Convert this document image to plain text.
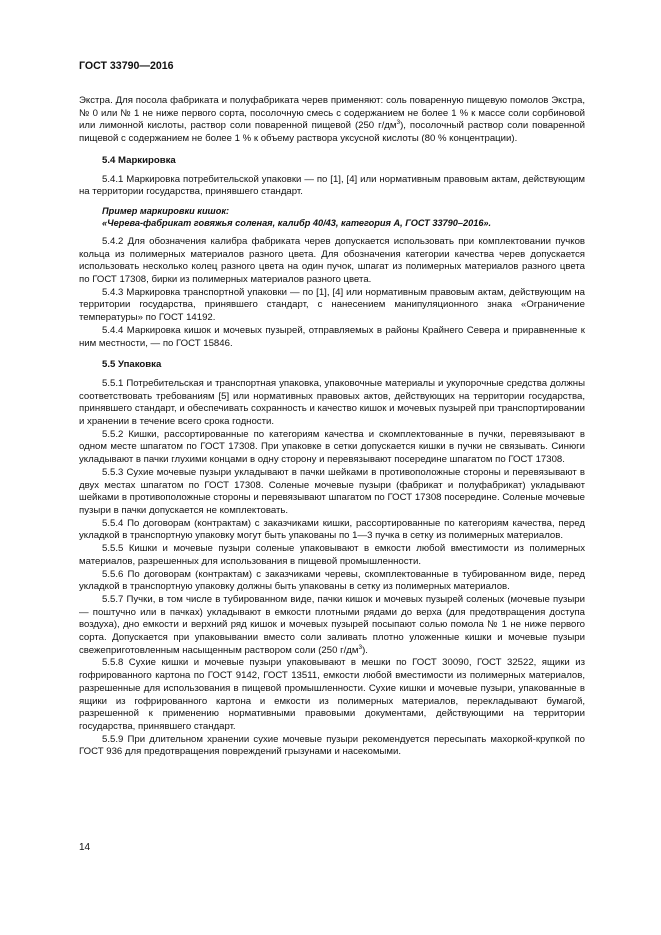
ГОСТ 33790—2016

Экстра. Для посола фабриката и полуфабриката черев применяют: соль поваренную пищевую помолов Экстра, № 0 или № 1 не ниже первого сорта, посолочную смесь с содержанием не более 1 % к массе соли сорбиновой или лимонной кислоты, раствор соли поваренной пищевой (250 $г/дм^3$), посолочный раствор соли поваренной пищевой с содержанием не более 1 % к объему раствора уксусной кислоты (80 % концентрации).

5.4 Маркировка

5.4.1 Маркировка потребительской упаковки — по [1], [4] или нормативным правовым актам, действующим на территории государства, принявшего стандарт.

Пример маркировки кишок:
«Черева-фабрикат говяжья соленая, калибр 40/43, категория А, ГОСТ 33790–2016».

5.4.2 Для обозначения калибра фабриката черев допускается использовать при комплектовании пучков кольца из полимерных материалов разного цвета. Для обозначения категории качества черев допускается использовать несколько колец разного цвета на один пучок, шпагат из полимерных материалов разного цвета по ГОСТ 17308, бирки из полимерных материалов разного цвета.

5.4.3 Маркировка транспортной упаковки — по [1], [4] или нормативным правовым актам, действующим на территории государства, принявшего стандарт, с нанесением манипуляционного знака «Ограничение температуры» по ГОСТ 14192.

5.4.4 Маркировка кишок и мочевых пузырей, отправляемых в районы Крайнего Севера и приравненные к ним местности, — по ГОСТ 15846.

5.5 Упаковка

5.5.1 Потребительская и транспортная упаковка, упаковочные материалы и укупорочные средства должны соответствовать требованиям [5] или нормативных правовых актов, действующих на территории государства, принявшего стандарт, и обеспечивать сохранность и качество кишок и мочевых пузырей при транспортировании и хранении в течение всего срока годности.

5.5.2 Кишки, рассортированные по категориям качества и скомплектованные в пучки, перевязывают в одном месте шпагатом по ГОСТ 17308. При упаковке в сетки допускается кишки в пучки не связывать. Синюги укладывают в пачки глухими концами в одну сторону и перевязывают посередине шпагатом по ГОСТ 17308.

5.5.3 Сухие мочевые пузыри укладывают в пачки шейками в противоположные стороны и перевязывают в двух местах шпагатом по ГОСТ 17308. Соленые мочевые пузыри (фабрикат и полуфабрикат) укладывают шейками в противоположные стороны и перевязывают шпагатом по ГОСТ 17308 посередине. Соленые мочевые пузыри в пачки допускается не комплектовать.

5.5.4 По договорам (контрактам) с заказчиками кишки, рассортированные по категориям качества, перед укладкой в транспортную упаковку могут быть упакованы по 1—3 пучка в сетку из полимерных материалов.

5.5.5 Кишки и мочевые пузыри соленые упаковывают в емкости любой вместимости из полимерных материалов, разрешенных для использования в пищевой промышленности.

5.5.6 По договорам (контрактам) с заказчиками черевы, скомплектованные в тубированном виде, перед укладкой в транспортную упаковку должны быть упакованы в сетку из полимерных материалов.

5.5.7 Пучки, в том числе в тубированном виде, пачки кишок и мочевых пузырей соленых (мочевые пузыри — поштучно или в пачках) укладывают в емкости плотными рядами до верха (для предотвращения доступа воздуха), дно емкости и верхний ряд кишок и мочевых пузырей посыпают солью помола № 1 не ниже первого сорта. Допускается при упаковывании вместо соли заливать плотно уложенные кишки и мочевые пузыри свежеприготовленным насыщенным раствором соли (250 $г/дм^3$).

5.5.8 Сухие кишки и мочевые пузыри упаковывают в мешки по ГОСТ 30090, ГОСТ 32522, ящики из гофрированного картона по ГОСТ 9142, ГОСТ 13511, емкости любой вместимости из полимерных материалов, разрешенные для использования в пищевой промышленности. Сухие кишки и мочевые пузыри, упакованные в ящики из гофрированного картона и емкости из полимерных материалов, перекладывают бумагой, разрешенной к применению нормативными правовыми документами, действующими на территории государства, принявшего стандарт.

5.5.9 При длительном хранении сухие мочевые пузыри рекомендуется пересыпать махоркой-крупкой по ГОСТ 936 для предотвращения повреждений грызунами и насекомыми.

14
